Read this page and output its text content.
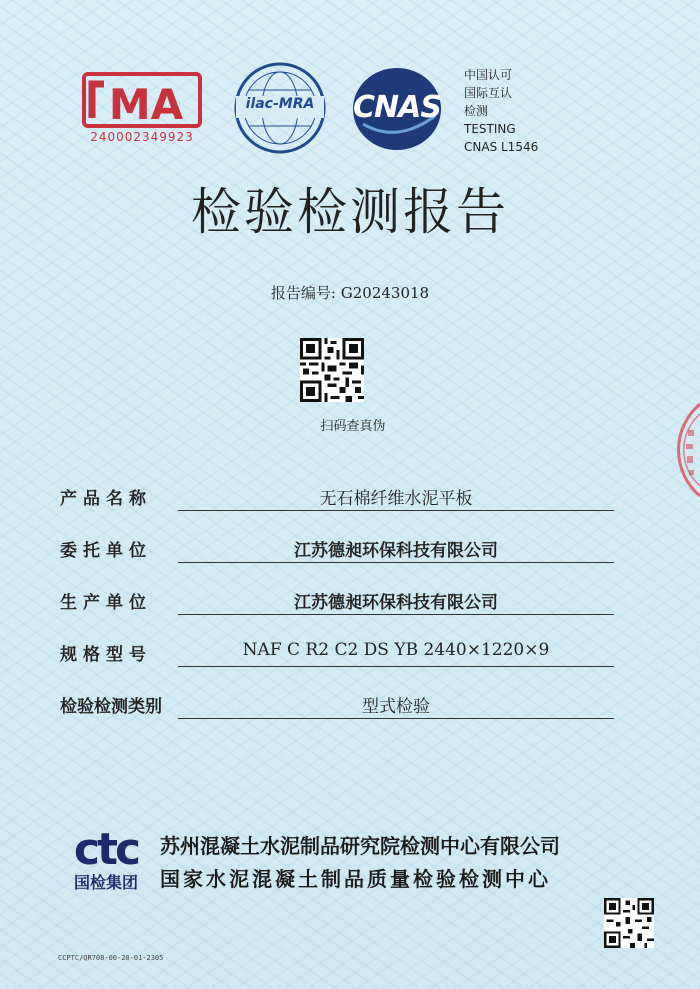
MA
240002349923
ilac-MRA	CNAS
中国认可
国际互认
检测
TESTING
CNAS L1546
检验检测报告
报告编号: G20243018
扫码查真伪
产品名称	无石棉纤维水泥平板
委托单位	江苏德昶环保科技有限公司
生产单位	江苏德昶环保科技有限公司
规格型号	NAF C R2 C2 DS YB 2440×1220×9
检验检测类别	型式检验
ctc
国检集团
苏州混凝土水泥制品研究院检测中心有限公司
国家水泥混凝土制品质量检验检测中心
CCPTC/QR708-00-20-01-2305
